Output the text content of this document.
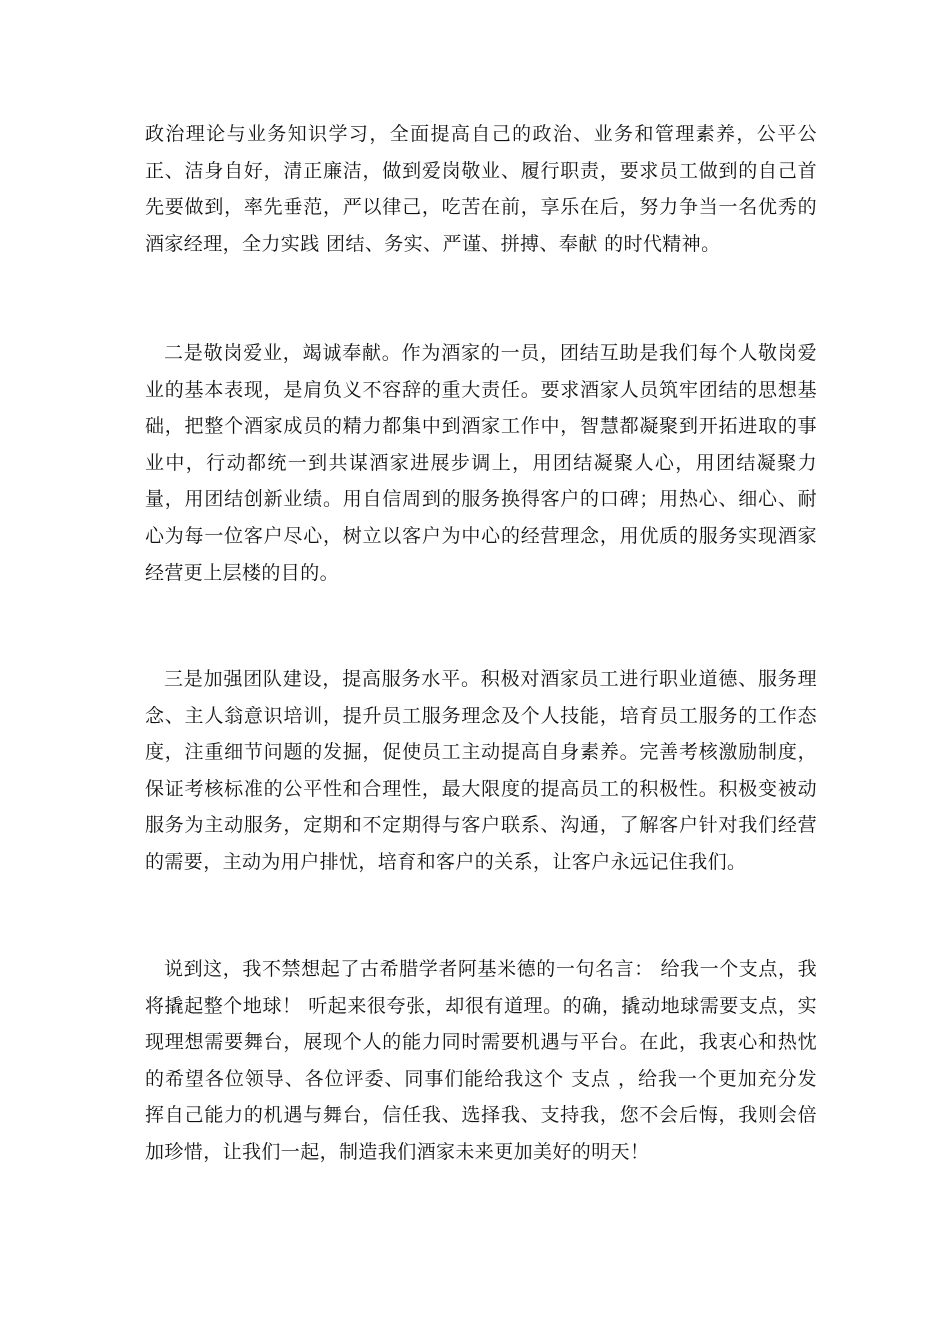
政治理论与业务知识学习，全面提高自己的政治、业务和管理素养，公平公正、洁身自好，清正廉洁，做到爱岗敬业、履行职责，要求员工做到的自己首先要做到，率先垂范，严以律己，吃苦在前，享乐在后，努力争当一名优秀的酒家经理，全力实践 团结、务实、严谨、拼搏、奉献 的时代精神。

二是敬岗爱业，竭诚奉献。作为酒家的一员，团结互助是我们每个人敬岗爱业的基本表现，是肩负义不容辞的重大责任。要求酒家人员筑牢团结的思想基础，把整个酒家成员的精力都集中到酒家工作中，智慧都凝聚到开拓进取的事业中，行动都统一到共谋酒家进展步调上，用团结凝聚人心，用团结凝聚力量，用团结创新业绩。用自信周到的服务换得客户的口碑；用热心、细心、耐心为每一位客户尽心，树立以客户为中心的经营理念，用优质的服务实现酒家经营更上层楼的目的。

三是加强团队建设，提高服务水平。积极对酒家员工进行职业道德、服务理念、主人翁意识培训，提升员工服务理念及个人技能，培育员工服务的工作态度，注重细节问题的发掘，促使员工主动提高自身素养。完善考核激励制度，保证考核标准的公平性和合理性，最大限度的提高员工的积极性。积极变被动服务为主动服务，定期和不定期得与客户联系、沟通，了解客户针对我们经营的需要，主动为用户排忧，培育和客户的关系，让客户永远记住我们。

说到这，我不禁想起了古希腊学者阿基米德的一句名言： 给我一个支点，我将撬起整个地球！ 听起来很夸张，却很有道理。的确，撬动地球需要支点，实现理想需要舞台，展现个人的能力同时需要机遇与平台。在此，我衷心和热忱的希望各位领导、各位评委、同事们能给我这个 支点 ，给我一个更加充分发挥自己能力的机遇与舞台，信任我、选择我、支持我，您不会后悔，我则会倍加珍惜，让我们一起，制造我们酒家未来更加美好的明天！
